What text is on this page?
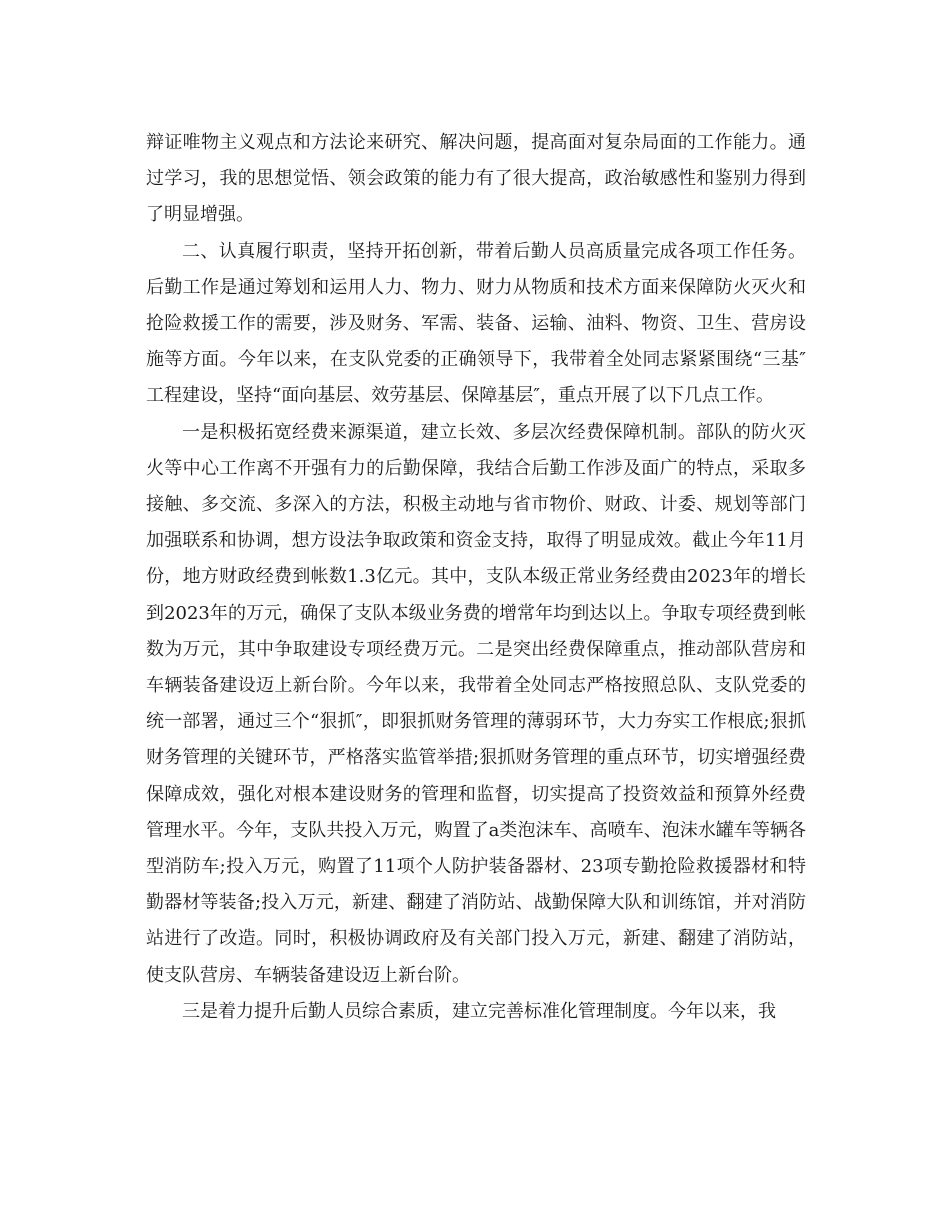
辩证唯物主义观点和方法论来研究、解决问题，提高面对复杂局面的工作能力。通过学习，我的思想觉悟、领会政策的能力有了很大提高，政治敏感性和鉴别力得到了明显增强。

二、认真履行职责，坚持开拓创新，带着后勤人员高质量完成各项工作任务。后勤工作是通过筹划和运用人力、物力、财力从物质和技术方面来保障防火灭火和抢险救援工作的需要，涉及财务、军需、装备、运输、油料、物资、卫生、营房设施等方面。今年以来，在支队党委的正确领导下，我带着全处同志紧紧围绕“三基″工程建设，坚持“面向基层、效劳基层、保障基层″，重点开展了以下几点工作。

一是积极拓宽经费来源渠道，建立长效、多层次经费保障机制。部队的防火灭火等中心工作离不开强有力的后勤保障，我结合后勤工作涉及面广的特点，采取多接触、多交流、多深入的方法，积极主动地与省市物价、财政、计委、规划等部门加强联系和协调，想方设法争取政策和资金支持，取得了明显成效。截止今年11月份，地方财政经费到帐数1.3亿元。其中，支队本级正常业务经费由2023年的增长到2023年的万元，确保了支队本级业务费的增常年均到达以上。争取专项经费到帐数为万元，其中争取建设专项经费万元。二是突出经费保障重点，推动部队营房和车辆装备建设迈上新台阶。今年以来，我带着全处同志严格按照总队、支队党委的统一部署，通过三个“狠抓″，即狠抓财务管理的薄弱环节，大力夯实工作根底;狠抓财务管理的关键环节，严格落实监管举措;狠抓财务管理的重点环节，切实增强经费保障成效，强化对根本建设财务的管理和监督，切实提高了投资效益和预算外经费管理水平。今年，支队共投入万元，购置了a类泡沫车、高喷车、泡沫水罐车等辆各型消防车;投入万元，购置了11项个人防护装备器材、23项专勤抢险救援器材和特勤器材等装备;投入万元，新建、翻建了消防站、战勤保障大队和训练馆，并对消防站进行了改造。同时，积极协调政府及有关部门投入万元，新建、翻建了消防站，使支队营房、车辆装备建设迈上新台阶。

三是着力提升后勤人员综合素质，建立完善标准化管理制度。今年以来，我
